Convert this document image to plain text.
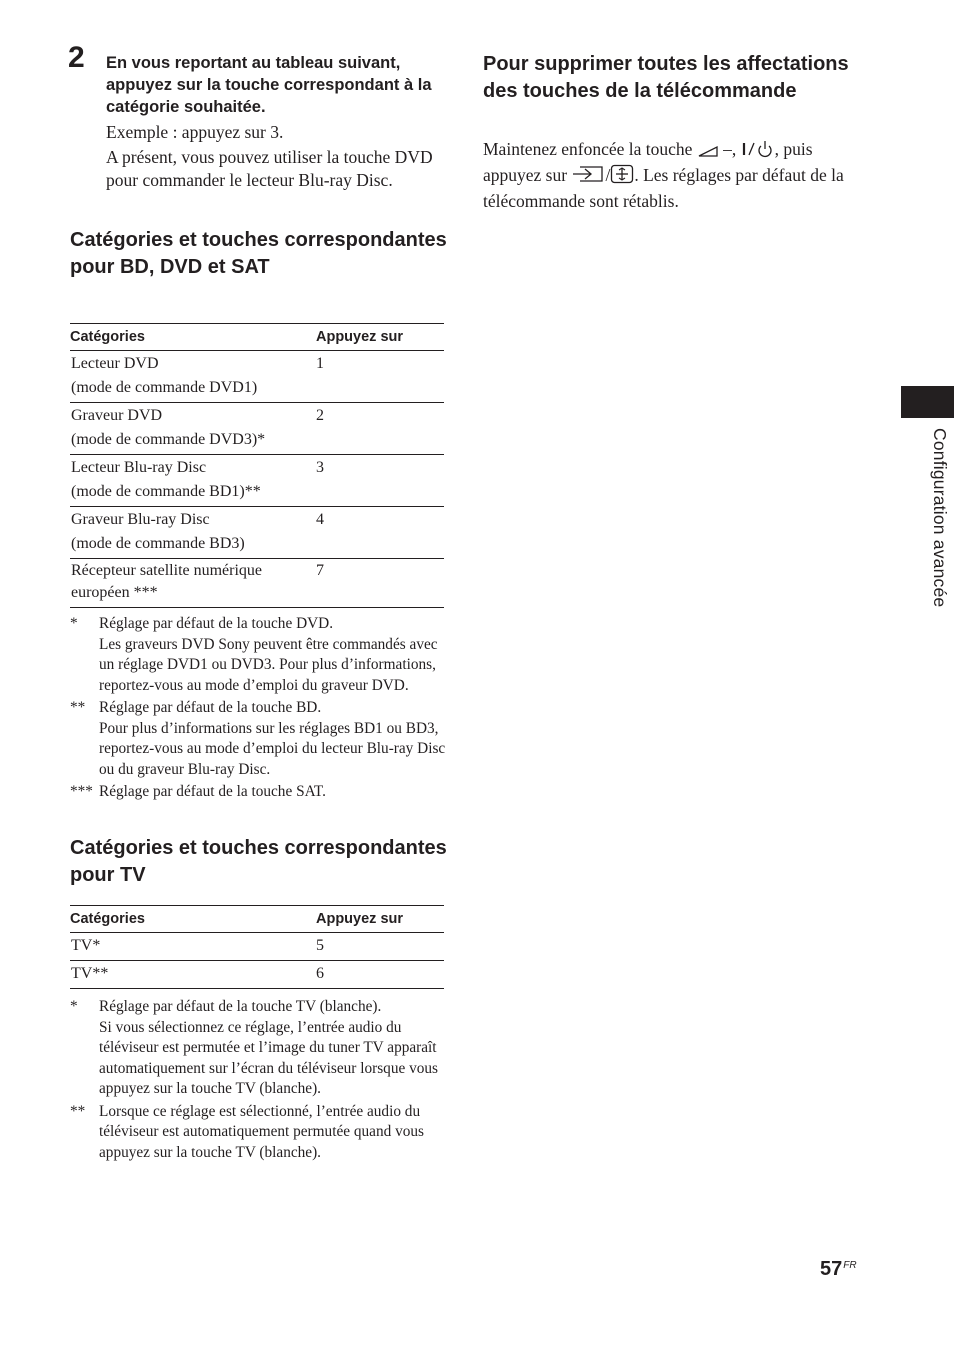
2 En vous reportant au tableau suivant, appuyez sur la touche correspondant à la catégorie souhaitée.
Exemple : appuyez sur 3.
A présent, vous pouvez utiliser la touche DVD pour commander le lecteur Blu-ray Disc.
Catégories et touches correspondantes pour BD, DVD et SAT
Catégories	Appuyez sur
Lecteur DVD
(mode de commande DVD1)	1
Graveur DVD
(mode de commande DVD3)*	2
Lecteur Blu-ray Disc
(mode de commande BD1)**	3
Graveur Blu-ray Disc
(mode de commande BD3)	4
Récepteur satellite numérique
européen ***	7
*	Réglage par défaut de la touche DVD.
Les graveurs DVD Sony peuvent être commandés avec un réglage DVD1 ou DVD3. Pour plus d’informations, reportez-vous au mode d’emploi du graveur DVD.
** Réglage par défaut de la touche BD.
Pour plus d’informations sur les réglages BD1 ou BD3, reportez-vous au mode d’emploi du lecteur Blu-ray Disc ou du graveur Blu-ray Disc.
*** Réglage par défaut de la touche SAT.
Catégories et touches correspondantes pour TV
Catégories	Appuyez sur
TV*	5
TV**	6
*	Réglage par défaut de la touche TV (blanche).
Si vous sélectionnez ce réglage, l’entrée audio du téléviseur est permutée et l’image du tuner TV apparaît automatiquement sur l’écran du téléviseur lorsque vous appuyez sur la touche TV (blanche).
** Lorsque ce réglage est sélectionné, l’entrée audio du téléviseur est automatiquement permutée quand vous appuyez sur la touche TV (blanche).
Pour supprimer toutes les affectations des touches de la télécommande
Maintenez enfoncée la touche –, , puis appuyez sur / . Les réglages par défaut de la télécommande sont rétablis.
Configuration avancée
$57^{FR}$
